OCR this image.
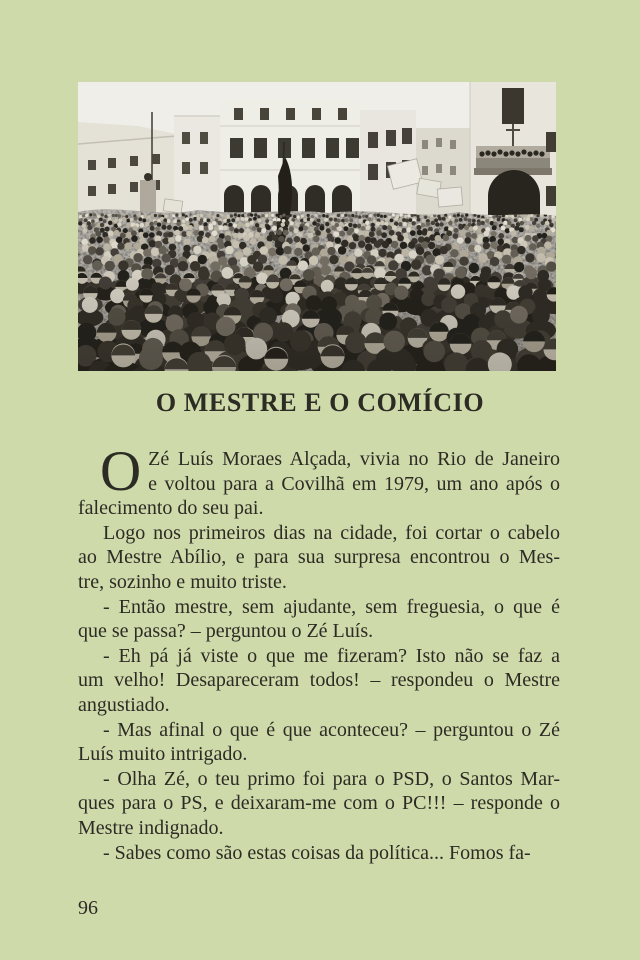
O MESTRE E O COMÍCIO

O Zé Luís Moraes Alçada, vivia no Rio de Janeiro
e voltou para a Covilhã em 1979, um ano após o
falecimento do seu pai.

Logo nos primeiros dias na cidade, foi cortar o cabelo
ao Mestre Abílio, e para sua surpresa encontrou o Mes-
tre, sozinho e muito triste.

- Então mestre, sem ajudante, sem freguesia, o que é
que se passa? – perguntou o Zé Luís.

- Eh pá já viste o que me fizeram? Isto não se faz a
um velho! Desapareceram todos! – respondeu o Mestre
angustiado.

- Mas afinal o que é que aconteceu? – perguntou o Zé
Luís muito intrigado.

- Olha Zé, o teu primo foi para o PSD, o Santos Mar-
ques para o PS, e deixaram-me com o PC!!! – responde o
Mestre indignado.

- Sabes como são estas coisas da política... Fomos fa-

96
